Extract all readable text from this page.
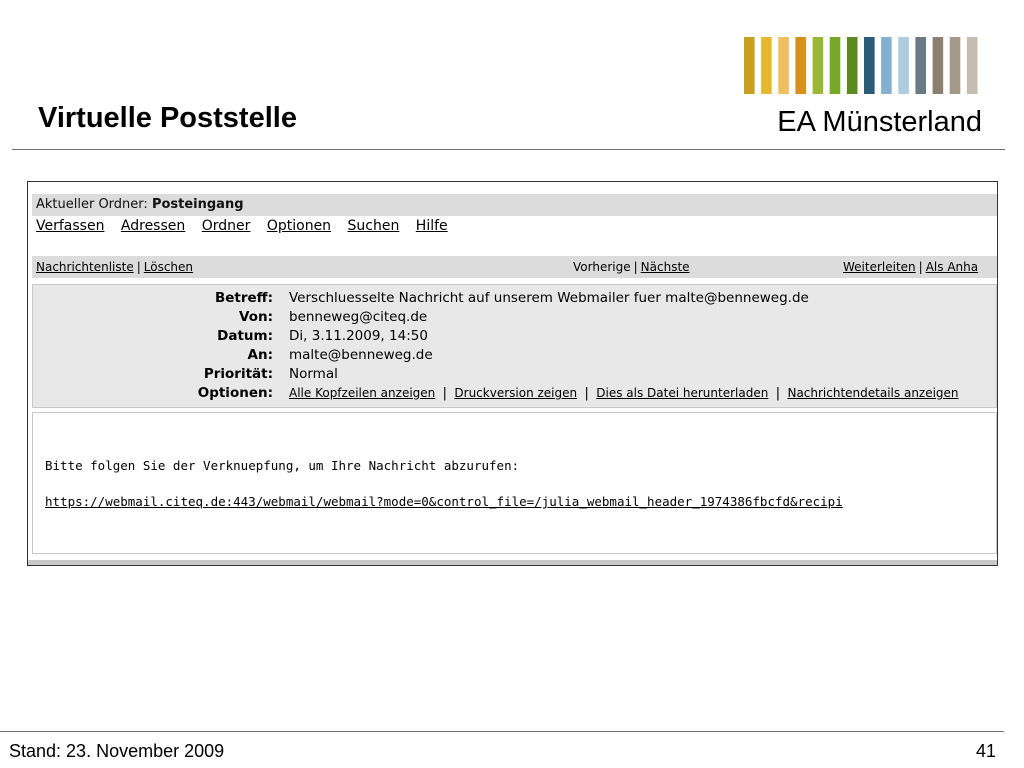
Virtuelle Poststelle	EA Münsterland
Aktueller Ordner: Posteingang
Verfassen Adressen Ordner Optionen Suchen Hilfe
Nachrichtenliste | Löschen	Vorherige | Nächste	Weiterleiten | Als Anha
Betreff: Verschluesselte Nachricht auf unserem Webmailer fuer malte@benneweg.de
Von: benneweg@citeq.de
Datum: Di, 3.11.2009, 14:50
An: malte@benneweg.de
Priorität: Normal
Optionen: Alle Kopfzeilen anzeigen | Druckversion zeigen | Dies als Datei herunterladen | Nachrichtendetails anzeigen
Bitte folgen Sie der Verknuepfung, um Ihre Nachricht abzurufen:
https://webmail.citeq.de:443/webmail/webmail?mode=0&control_file=/julia_webmail_header_1974386fbcfd&recipi
Stand: 23. November 2009	41
